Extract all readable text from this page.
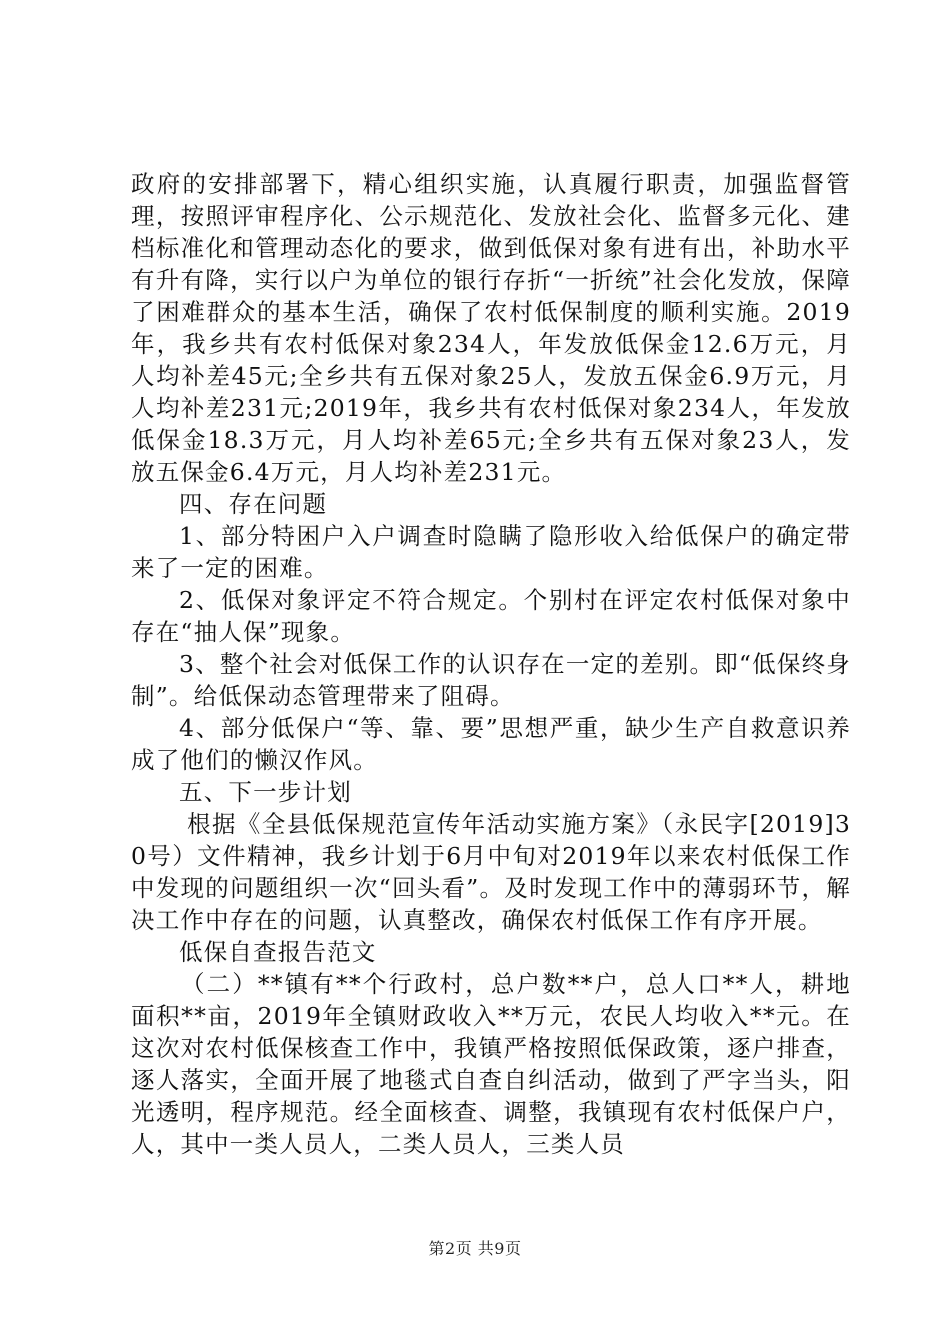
政府的安排部署下，精心组织实施，认真履行职责，加强监督管理，按照评审程序化、公示规范化、发放社会化、监督多元化、建档标准化和管理动态化的要求，做到低保对象有进有出，补助水平有升有降，实行以户为单位的银行存折“一折统”社会化发放，保障了困难群众的基本生活，确保了农村低保制度的顺利实施。2019年，我乡共有农村低保对象234人，年发放低保金12.6万元，月人均补差45元;全乡共有五保对象25人，发放五保金6.9万元，月人均补差231元;2019年，我乡共有农村低保对象234人，年发放低保金18.3万元，月人均补差65元;全乡共有五保对象23人，发放五保金6.4万元，月人均补差231元。

四、存在问题

1、部分特困户入户调查时隐瞒了隐形收入给低保户的确定带来了一定的困难。

2、低保对象评定不符合规定。个别村在评定农村低保对象中存在“抽人保”现象。

3、整个社会对低保工作的认识存在一定的差别。即“低保终身制”。给低保动态管理带来了阻碍。

4、部分低保户“等、靠、要”思想严重，缺少生产自救意识养成了他们的懒汉作风。

五、下一步计划

根据《全县低保规范宣传年活动实施方案》（永民字[2019]30号）文件精神，我乡计划于6月中旬对2019年以来农村低保工作中发现的问题组织一次“回头看”。及时发现工作中的薄弱环节，解决工作中存在的问题，认真整改，确保农村低保工作有序开展。

低保自查报告范文

（二）**镇有**个行政村，总户数**户，总人口**人，耕地面积**亩，2019年全镇财政收入**万元，农民人均收入**元。在这次对农村低保核查工作中，我镇严格按照低保政策，逐户排查，逐人落实，全面开展了地毯式自查自纠活动，做到了严字当头，阳光透明，程序规范。经全面核查、调整，我镇现有农村低保户户，人，其中一类人员人，二类人员人，三类人员

第2页 共9页
